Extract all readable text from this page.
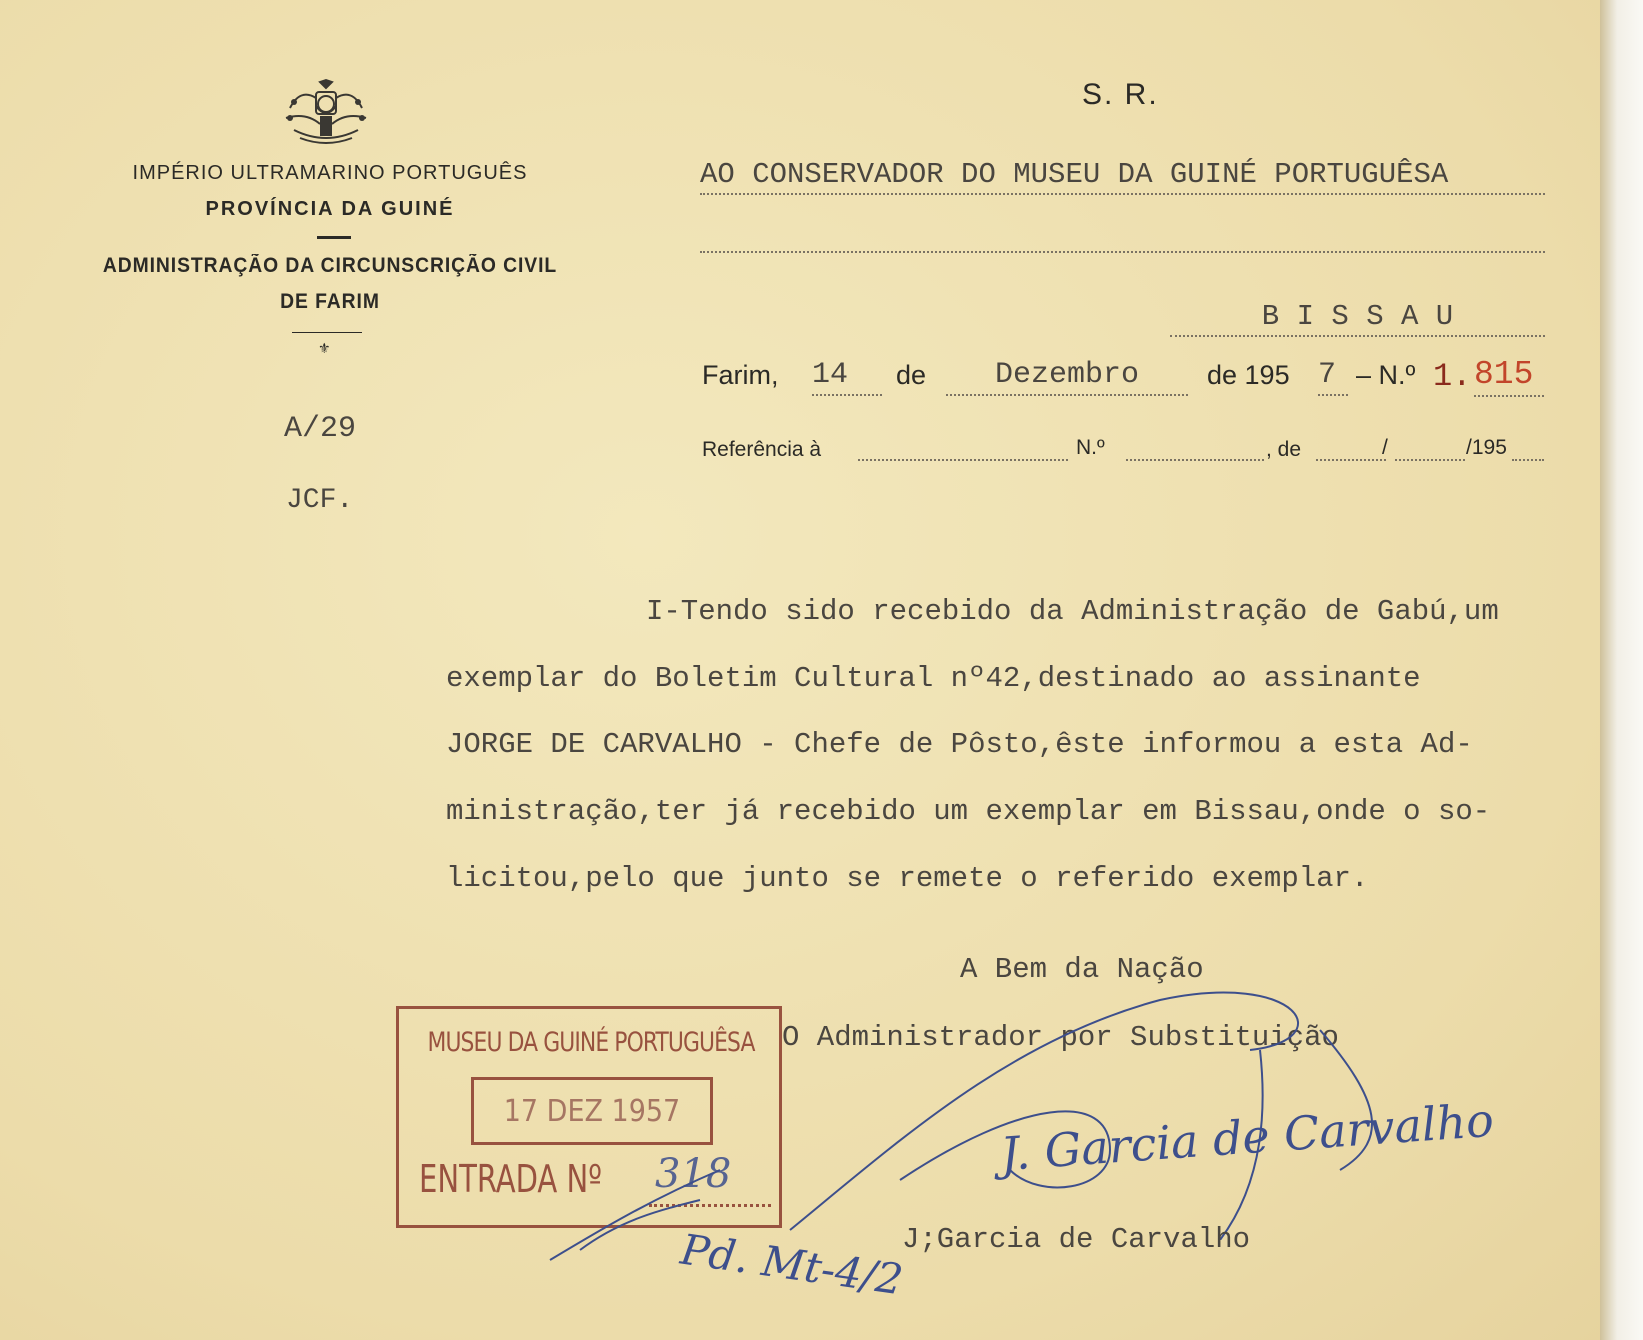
IMPÉRIO ULTRAMARINO PORTUGUÊS
PROVÍNCIA DA GUINÉ
ADMINISTRAÇÃO DA CIRCUNSCRIÇÃO CIVIL
DE FARIM
⚜
A/29
JCF.
S. R.
AO CONSERVADOR DO MUSEU DA GUINÉ PORTUGUÊSA
B I S S A U
Farim, 14	de	Dezembro	de 195 7 – N.º 1. 815
Referência à	N.º	, de	/	/195
I-Tendo sido recebido da Administração de Gabú,um
exemplar do Boletim Cultural nº42,destinado ao assinante
JORGE DE CARVALHO - Chefe de Pôsto,êste informou a esta Ad-
ministração,ter já recebido um exemplar em Bissau,onde o so-
licitou,pelo que junto se remete o referido exemplar.
A Bem da Nação
O Administrador por Substituição
J. Garcia de Carvalho
J;Garcia de Carvalho
MUSEU DA GUINÉ PORTUGUÊSA
17 DEZ 1957
ENTRADA Nº 318
Pd. Mt-4/2
